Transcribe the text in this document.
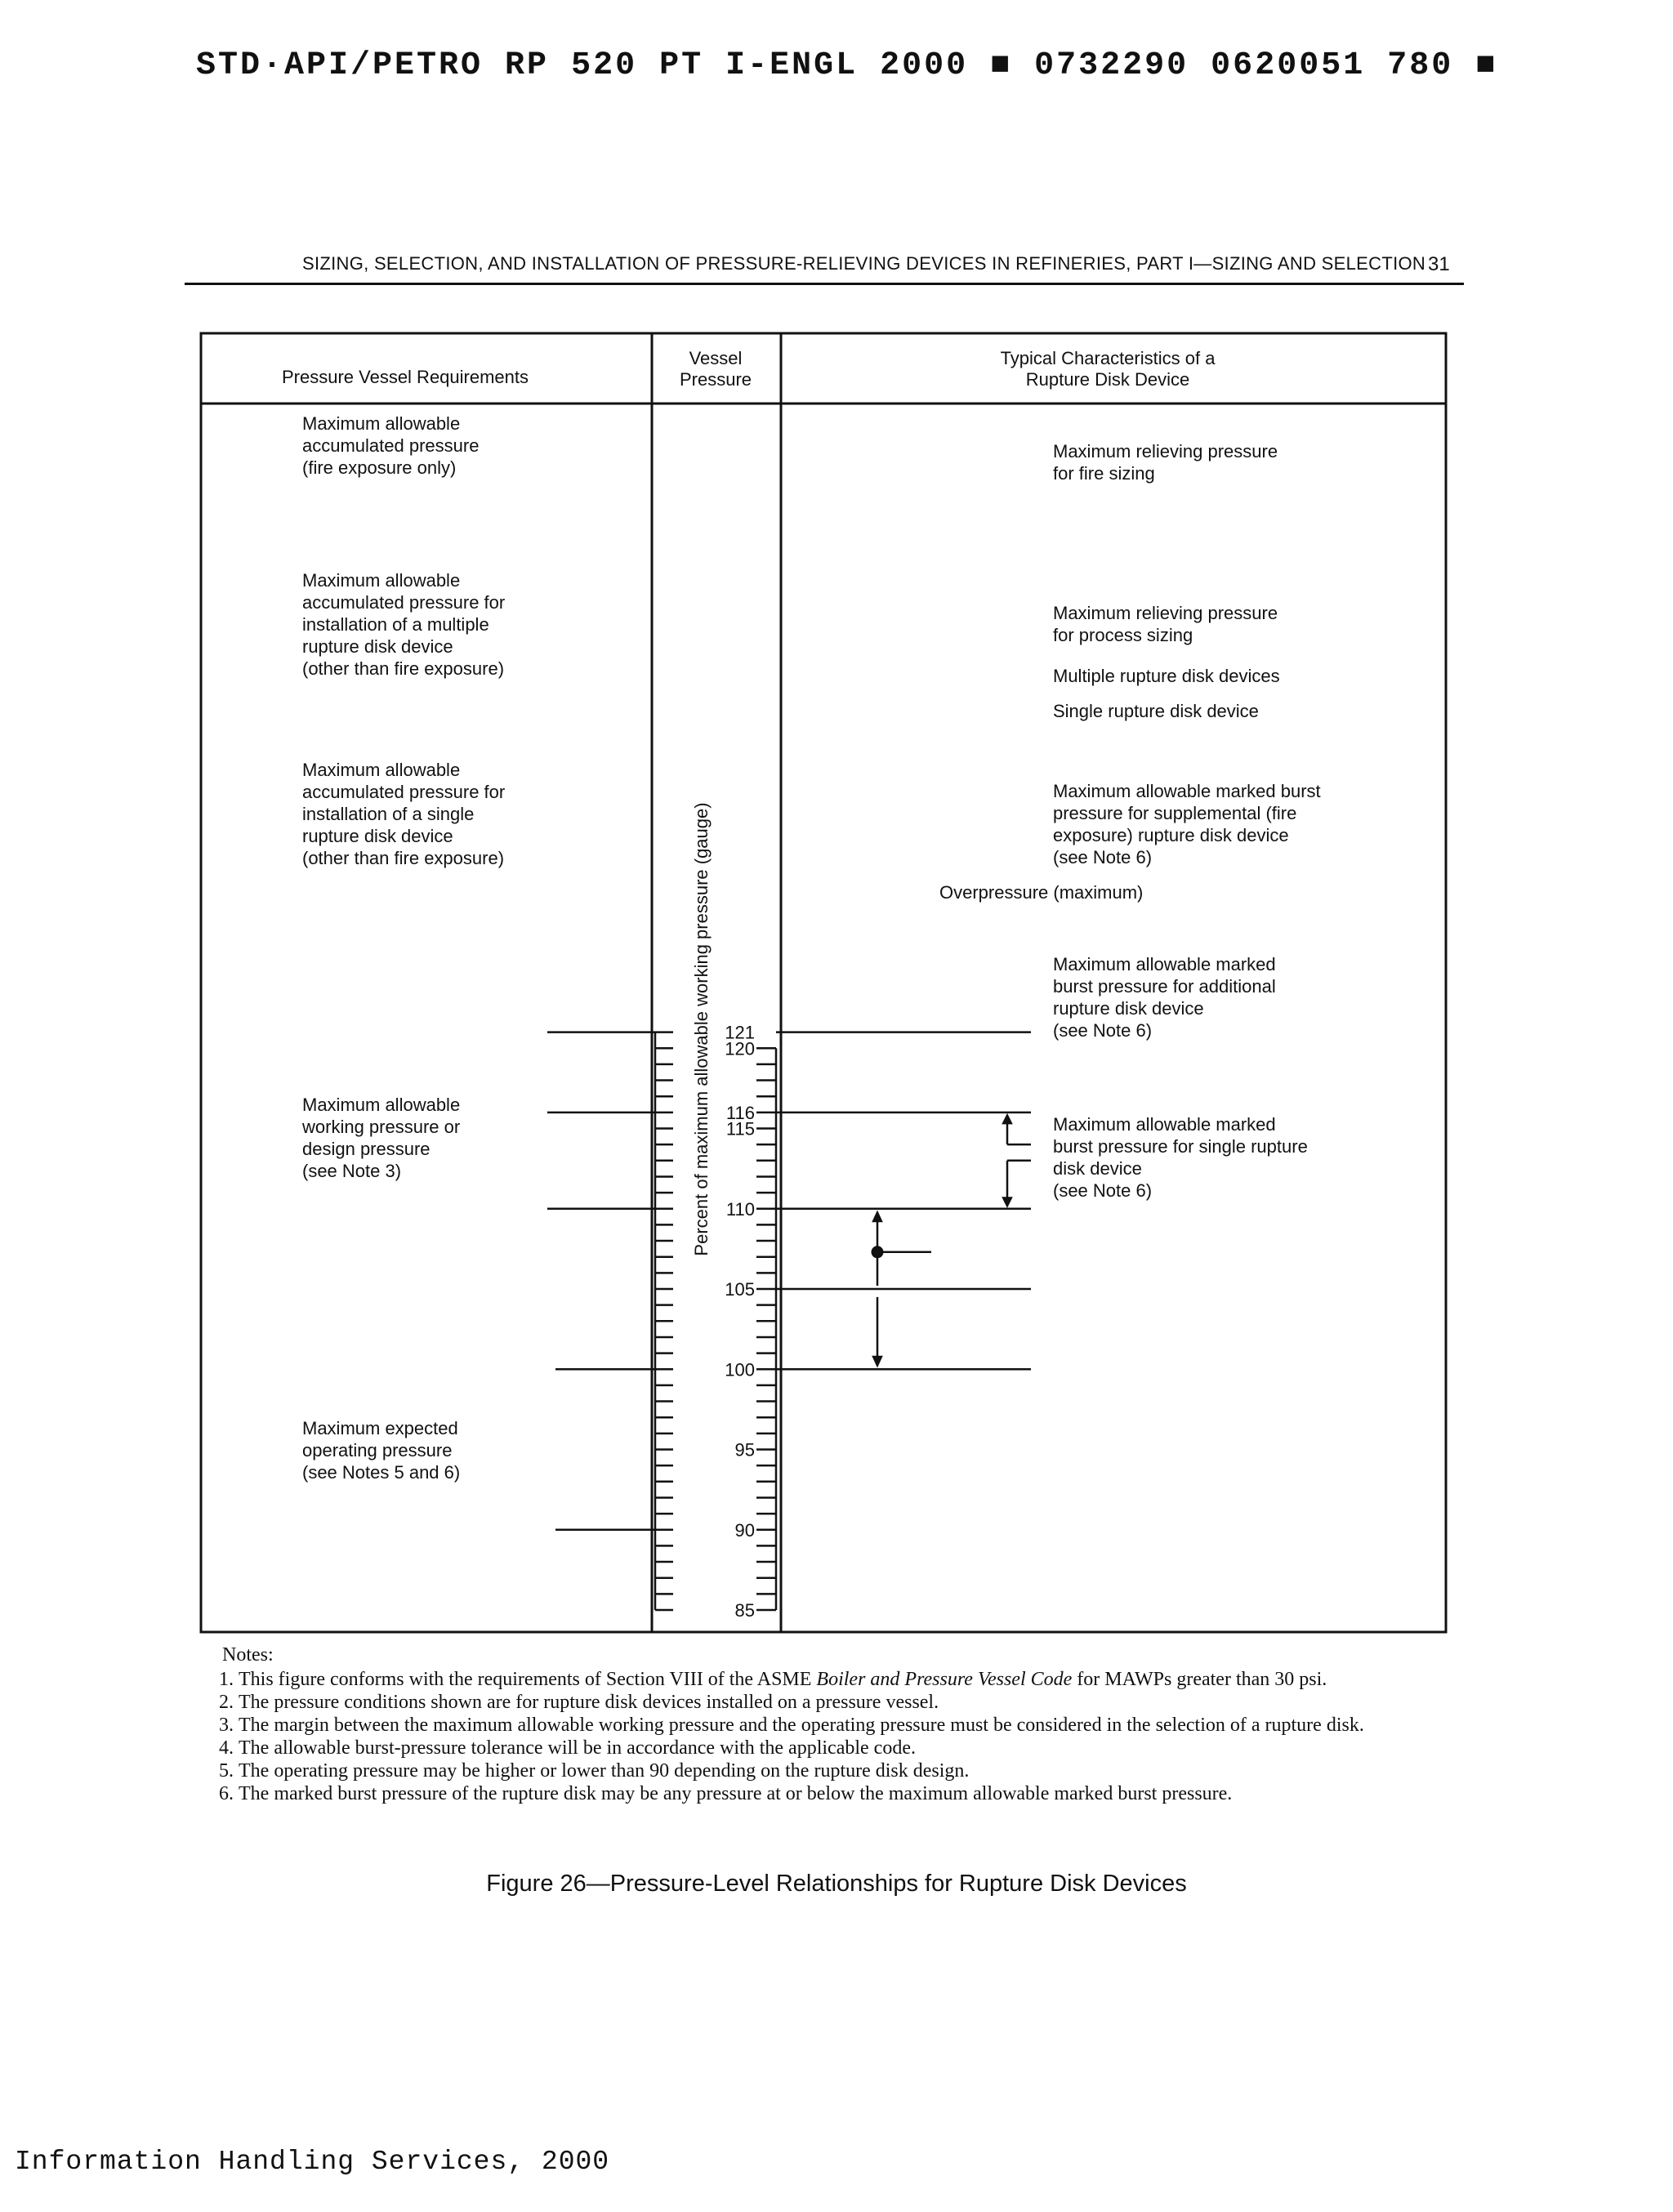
STD·API/PETRO RP 520 PT I-ENGL 2000 ■ 0732290 0620051 780 ■
SIZING, SELECTION, AND INSTALLATION OF PRESSURE-RELIEVING DEVICES IN REFINERIES, PART I—SIZING AND SELECTION 31
Pressure Vessel Requirements
Vessel
Pressure
Typical Characteristics of a
Rupture Disk Device
121
120
116
115
110
105
100
95
90
85
Percent of maximum allowable working pressure (gauge)
Maximum allowable
accumulated pressure
(fire exposure only)
Maximum allowable
accumulated pressure for
installation of a multiple
rupture disk device
(other than fire exposure)
Maximum allowable
accumulated pressure for
installation of a single
rupture disk device
(other than fire exposure)
Maximum allowable
working pressure or
design pressure
(see Note 3)
Maximum expected
operating pressure
(see Notes 5 and 6)
Maximum relieving pressure
for fire sizing
Maximum relieving pressure
for process sizing
Multiple rupture disk devices
Single rupture disk device
Maximum allowable marked burst
pressure for supplemental (fire
exposure) rupture disk device
(see Note 6)
Overpressure (maximum)
Maximum allowable marked
burst pressure for additional
rupture disk device
(see Note 6)
Maximum allowable marked
burst pressure for single rupture
disk device
(see Note 6)
Notes:
1. This figure conforms with the requirements of Section VIII of the ASME Boiler and Pressure Vessel Code for MAWPs greater than 30 psi.
2. The pressure conditions shown are for rupture disk devices installed on a pressure vessel.
3. The margin between the maximum allowable working pressure and the operating pressure must be considered in the selection of a rupture disk.
4. The allowable burst-pressure tolerance will be in accordance with the applicable code.
5. The operating pressure may be higher or lower than 90 depending on the rupture disk design.
6. The marked burst pressure of the rupture disk may be any pressure at or below the maximum allowable marked burst pressure.
Figure 26—Pressure-Level Relationships for Rupture Disk Devices
Information Handling Services, 2000
